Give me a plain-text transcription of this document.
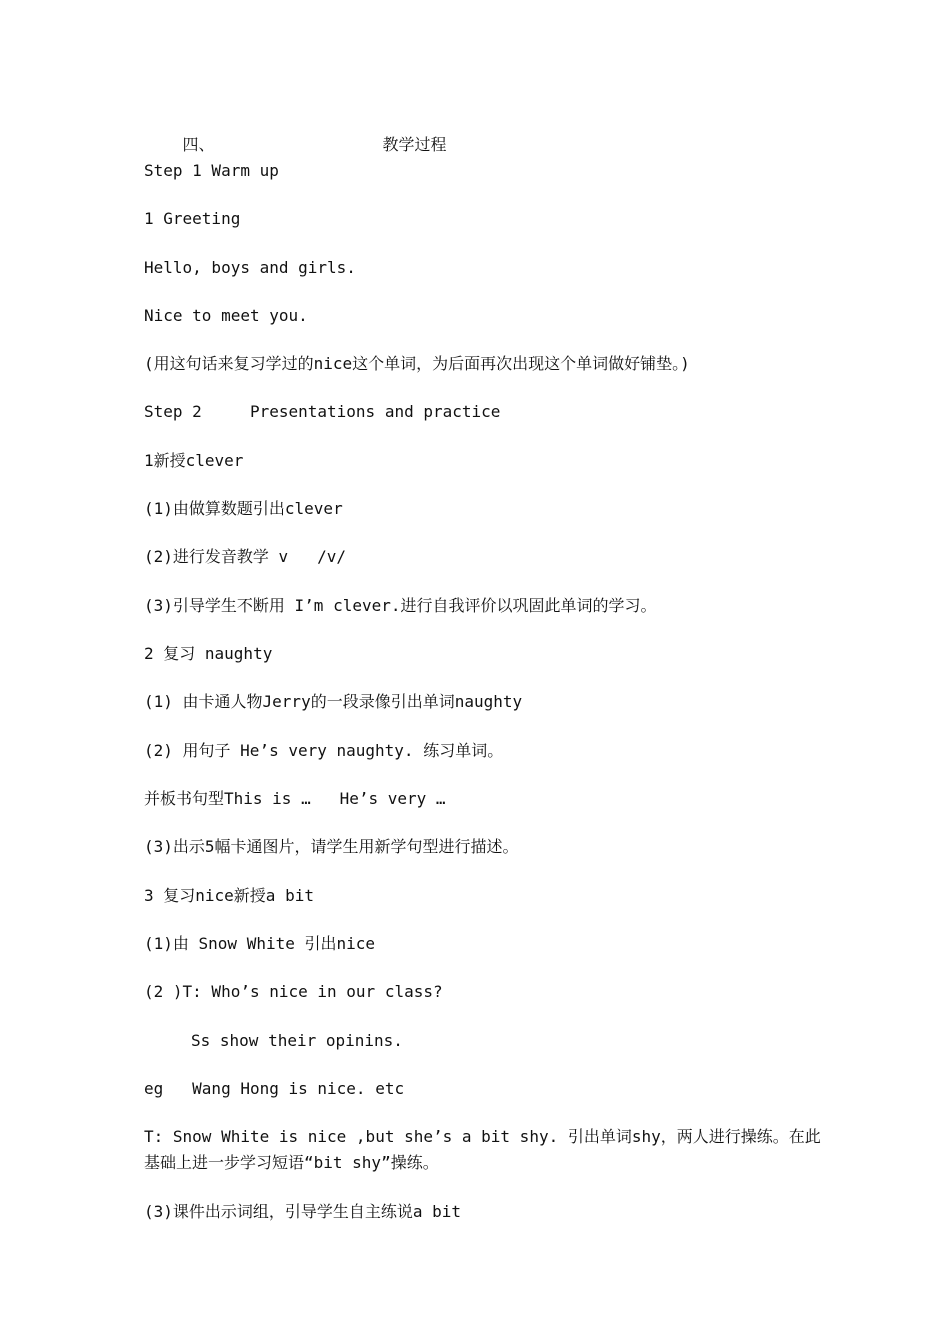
四、	教学过程

Step 1 Warm up
1 Greeting
Hello, boys and girls.
Nice to meet you.
(用这句话来复习学过的nice这个单词，为后面再次出现这个单词做好铺垫。)
Step 2     Presentations and practice
1新授clever
(1)由做算数题引出clever
(2)进行发音教学 v   /v/
(3)引导学生不断用 I’m clever.进行自我评价以巩固此单词的学习。
2 复习 naughty
(1) 由卡通人物Jerry的一段录像引出单词naughty
(2) 用句子 He’s very naughty. 练习单词。
并板书句型This is …   He’s very …
(3)出示5幅卡通图片，请学生用新学句型进行描述。
3 复习nice新授a bit
(1)由 Snow White 引出nice
(2 )T: Who’s nice in our class?
Ss show their opinins.
eg   Wang Hong is nice. etc
T: Snow White is nice ,but she’s a bit shy. 引出单词shy，两人进行操练。在此基础上进一步学习短语“bit shy”操练。
(3)课件出示词组，引导学生自主练说a bit
